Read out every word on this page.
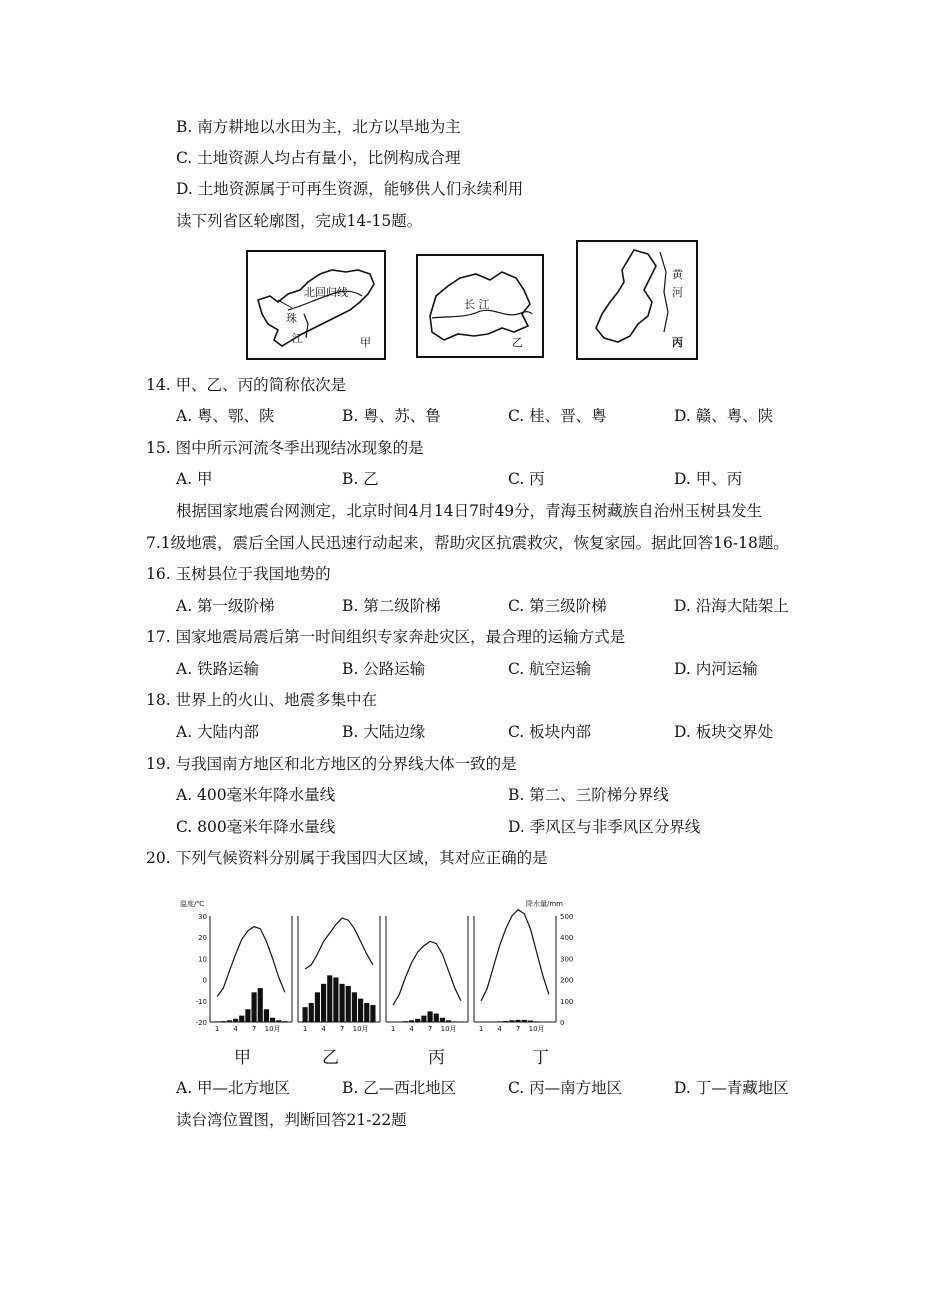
B. 南方耕地以水田为主，北方以旱地为主
C. 土地资源人均占有量小，比例构成合理
D. 土地资源属于可再生资源，能够供人们永续利用
读下列省区轮廓图，完成14-15题。
北回归线
珠
江	甲
长 江
乙
黄
河
丙
14. 甲、乙、丙的简称依次是
A. 粤、鄂、陕	B. 粤、苏、鲁	C. 桂、晋、粤	D. 赣、粤、陕
15. 图中所示河流冬季出现结冰现象的是
A. 甲	B. 乙	C. 丙	D. 甲、丙
根据国家地震台网测定，北京时间4月14日7时49分，青海玉树藏族自治州玉树县发生
7.1级地震，震后全国人民迅速行动起来，帮助灾区抗震救灾，恢复家园。据此回答16-18题。
16. 玉树县位于我国地势的
A. 第一级阶梯	B. 第二级阶梯	C. 第三级阶梯	D. 沿海大陆架上
17. 国家地震局震后第一时间组织专家奔赴灾区，最合理的运输方式是
A. 铁路运输	B. 公路运输	C. 航空运输	D. 内河运输
18. 世界上的火山、地震多集中在
A. 大陆内部	B. 大陆边缘	C. 板块内部	D. 板块交界处
19. 与我国南方地区和北方地区的分界线大体一致的是
A. 400毫米年降水量线	B. 第二、三阶梯分界线
C. 800毫米年降水量线	D. 季风区与非季风区分界线
20. 下列气候资料分别属于我国四大区域，其对应正确的是
温度/℃
30
20
10
0
-10
-20
降水量/mm
500
400
300
200
100
0
1 4 7 10月	1 4 7 10月	1 4 7 10月	1 4 7 10月
甲	乙	丙	丁
A. 甲—北方地区	B. 乙—西北地区	C. 丙—南方地区	D. 丁—青藏地区
读台湾位置图，判断回答21-22题
